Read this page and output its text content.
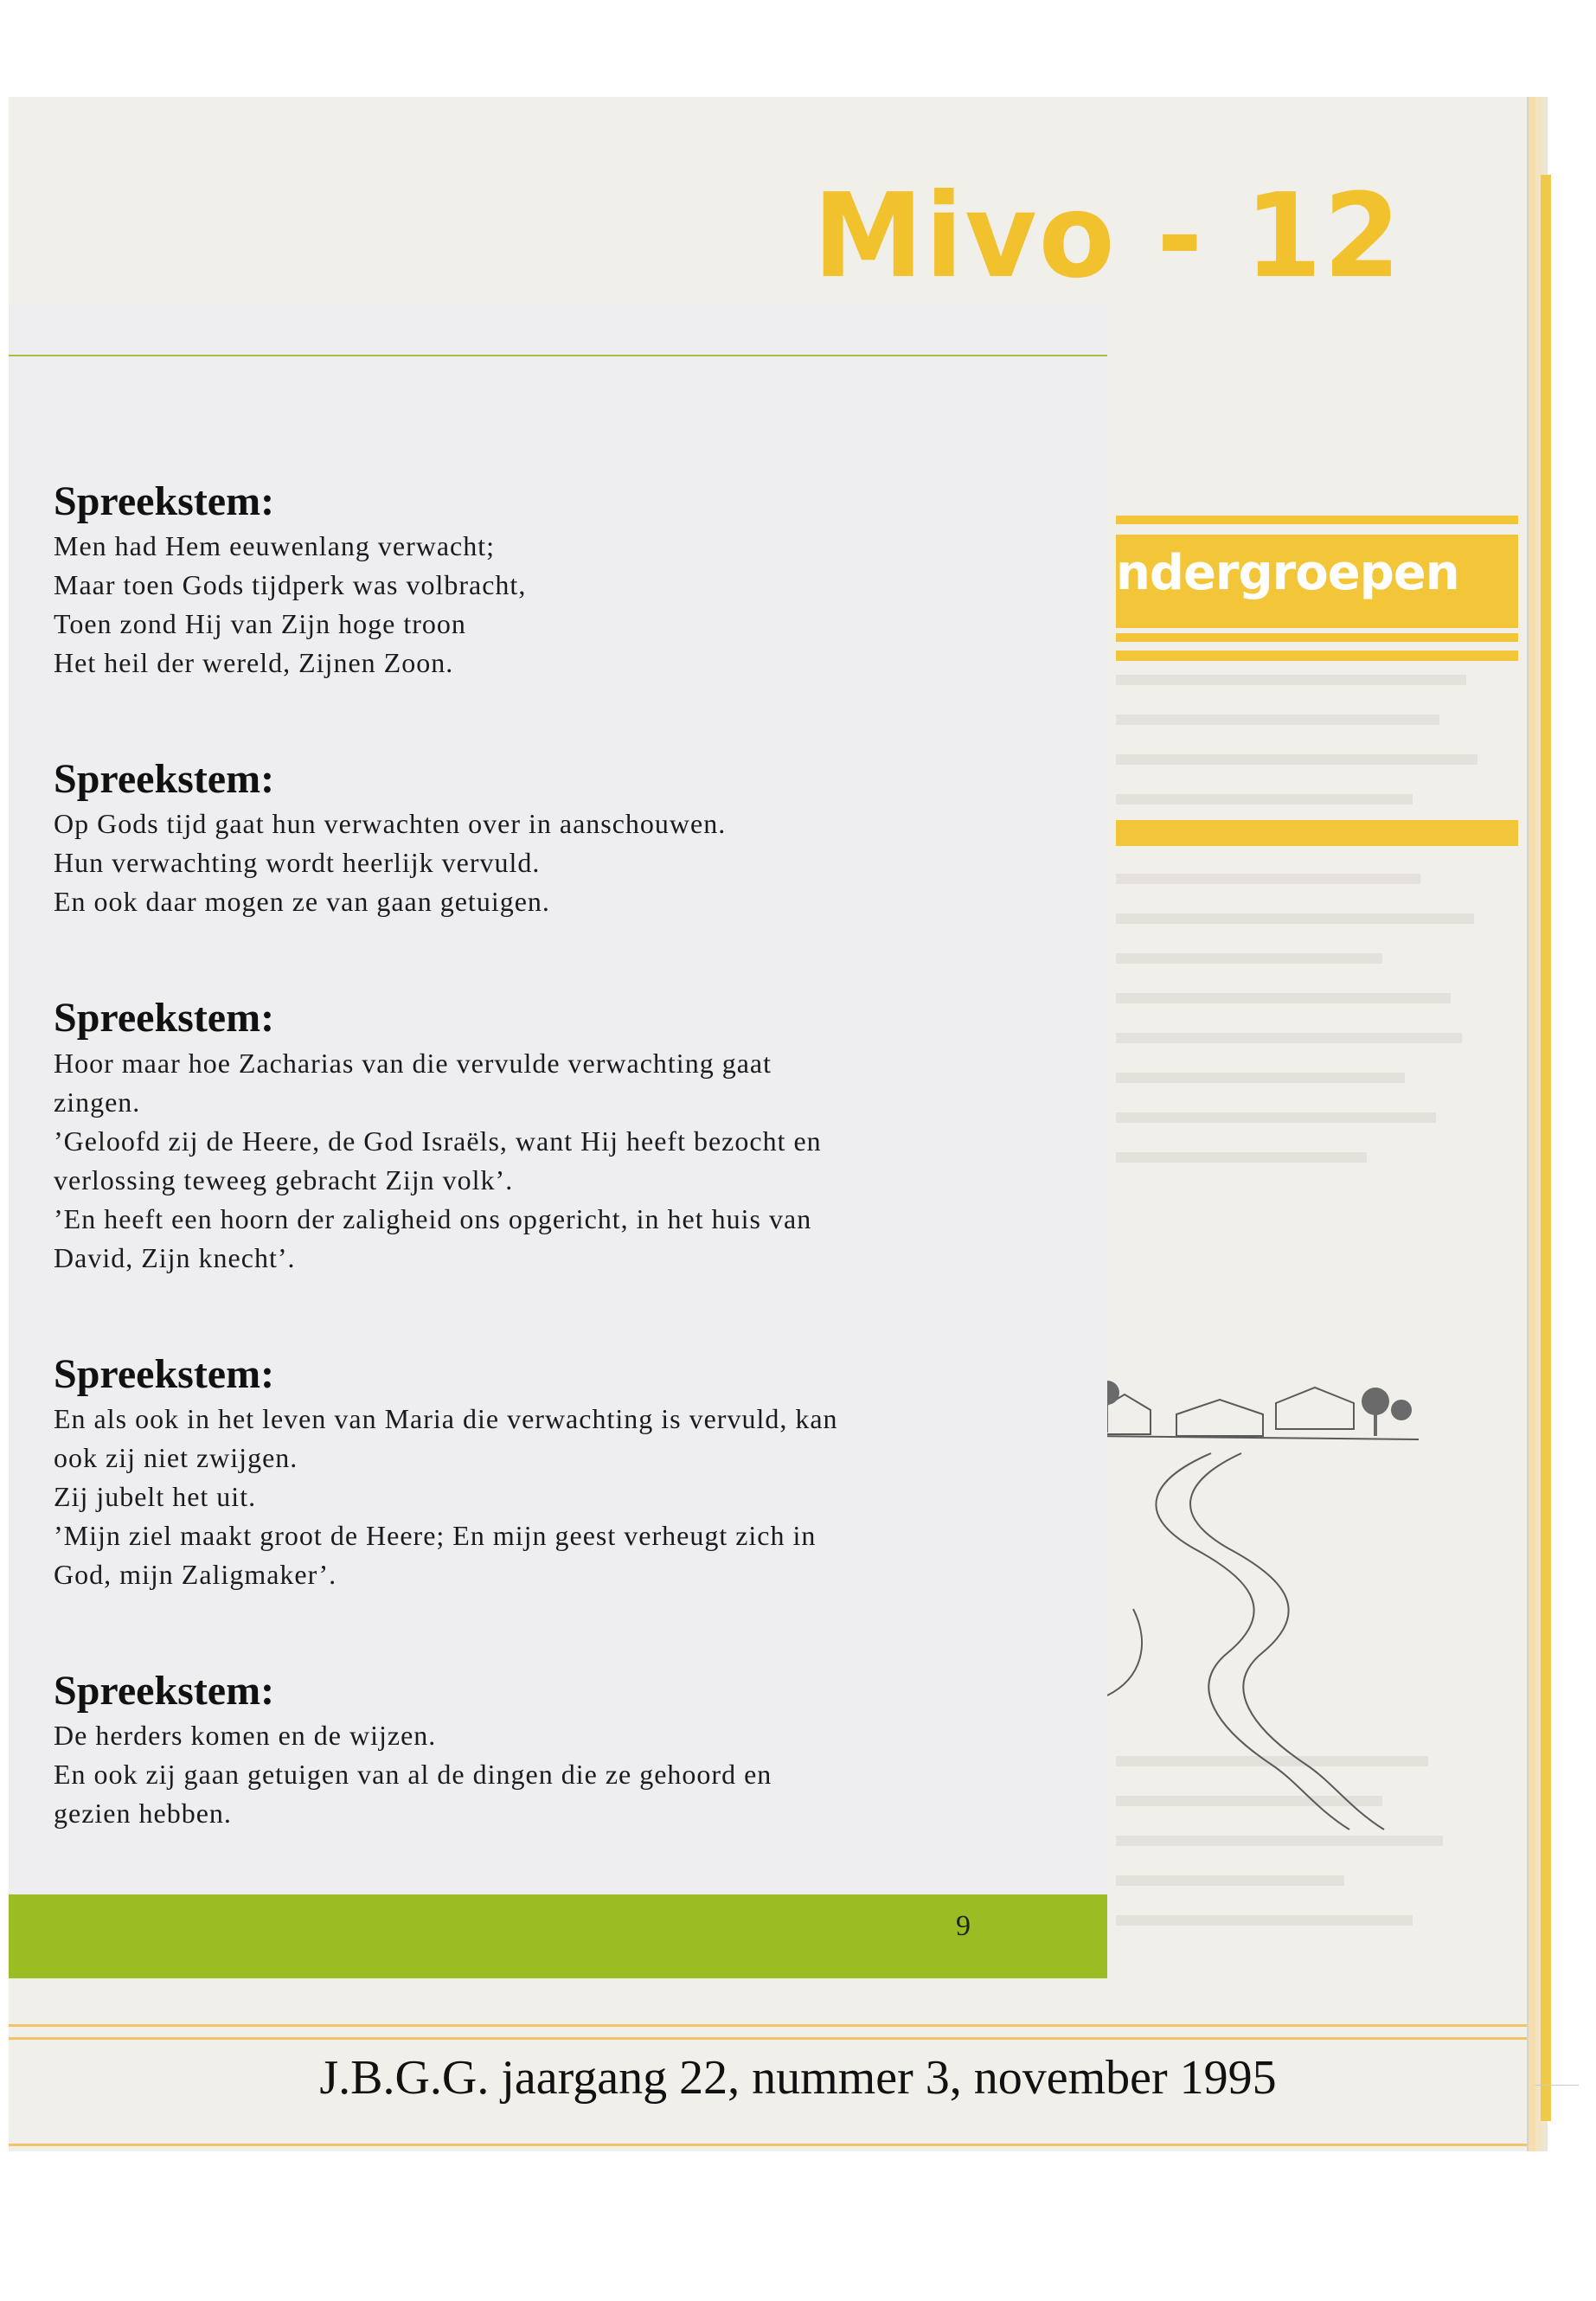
Mivo - 12

ndergroepen

J.B.G.G. jaargang 22, nummer 3, november 1995

Spreekstem:

Men had Hem eeuwenlang verwacht;

Maar toen Gods tijdperk was volbracht,

Toen zond Hij van Zijn hoge troon

Het heil der wereld, Zijnen Zoon.

Spreekstem:

Op Gods tijd gaat hun verwachten over in aanschouwen.

Hun verwachting wordt heerlijk vervuld.

En ook daar mogen ze van gaan getuigen.

Spreekstem:

Hoor maar hoe Zacharias van die vervulde verwachting gaat

zingen.

’Geloofd zij de Heere, de God Israëls, want Hij heeft bezocht en

verlossing teweeg gebracht Zijn volk’.

’En heeft een hoorn der zaligheid ons opgericht, in het huis van

David, Zijn knecht’.

Spreekstem:

En als ook in het leven van Maria die verwachting is vervuld, kan

ook zij niet zwijgen.

Zij jubelt het uit.

’Mijn ziel maakt groot de Heere; En mijn geest verheugt zich in

God, mijn Zaligmaker’.

Spreekstem:

De herders komen en de wijzen.

En ook zij gaan getuigen van al de dingen die ze gehoord en

gezien hebben.

9
